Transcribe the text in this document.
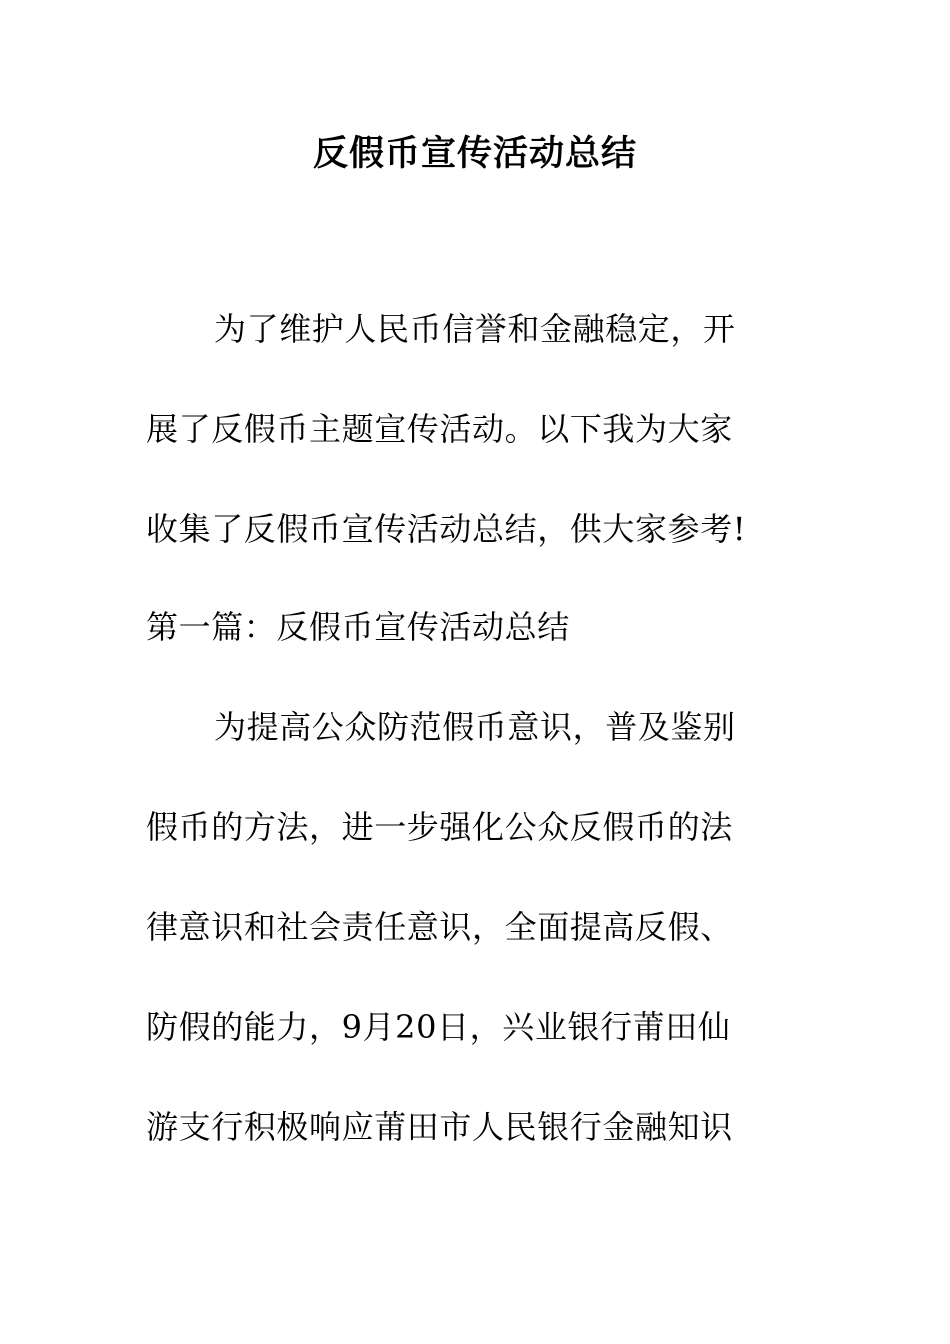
反假币宣传活动总结

为了维护人民币信誉和金融稳定，开

展了反假币主题宣传活动。以下我为大家

收集了反假币宣传活动总结，供大家参考!

第一篇：反假币宣传活动总结

为提高公众防范假币意识，普及鉴别

假币的方法，进一步强化公众反假币的法

律意识和社会责任意识，全面提高反假、

防假的能力，9月20日，兴业银行莆田仙

游支行积极响应莆田市人民银行金融知识
